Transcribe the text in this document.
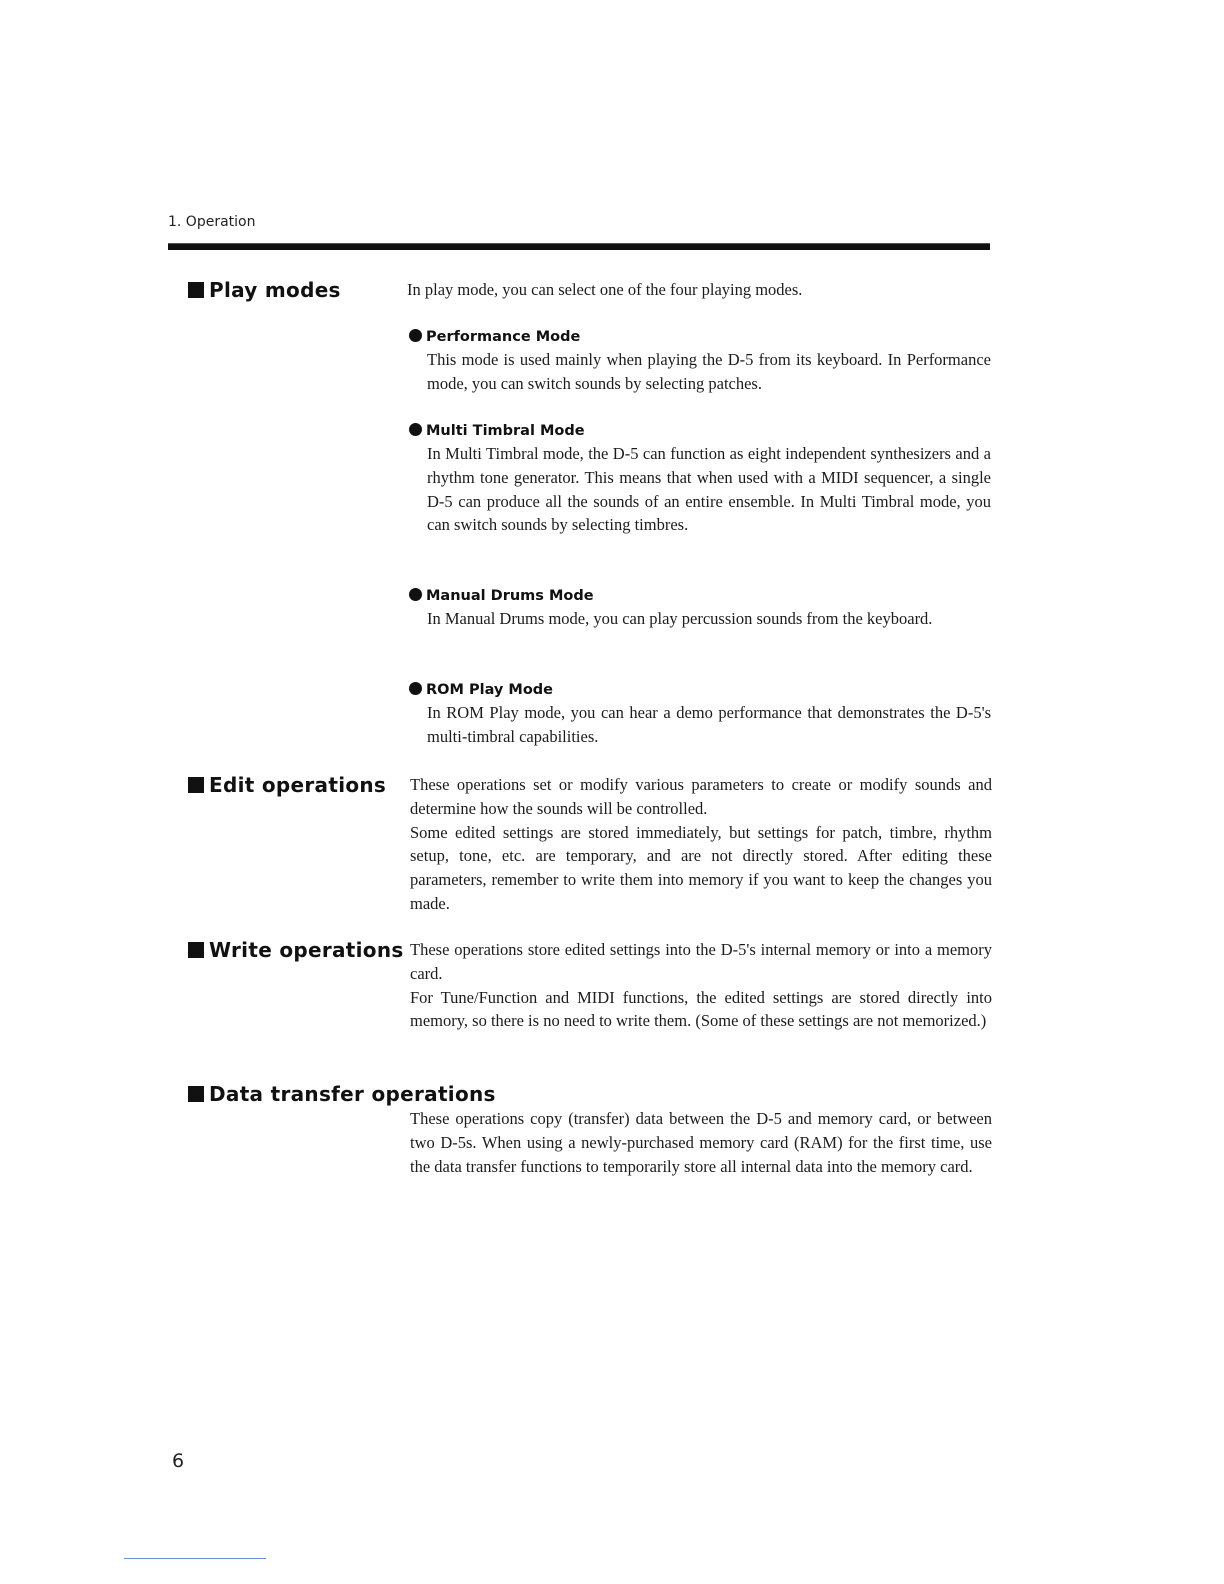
1. Operation
Play modes	In play mode, you can select one of the four playing modes.
Performance Mode
This mode is used mainly when playing the D-5 from its keyboard. In Performance mode, you can switch sounds by selecting patches.
Multi Timbral Mode
In Multi Timbral mode, the D-5 can function as eight independent synthesizers and a rhythm tone generator. This means that when used with a MIDI sequencer, a single D-5 can produce all the sounds of an entire ensemble. In Multi Timbral mode, you can switch sounds by selecting timbres.
Manual Drums Mode
In Manual Drums mode, you can play percussion sounds from the keyboard.
ROM Play Mode
In ROM Play mode, you can hear a demo performance that demonstrates the D-5's multi-timbral capabilities.
Edit operations These operations set or modify various parameters to create or modify sounds and determine how the sounds will be controlled.
Some edited settings are stored immediately, but settings for patch, timbre, rhythm setup, tone, etc. are temporary, and are not directly stored. After editing these parameters, remember to write them into memory if you want to keep the changes you made.
Write operations These operations store edited settings into the D-5's internal memory or into a memory card.
For Tune/Function and MIDI functions, the edited settings are stored directly into memory, so there is no need to write them. (Some of these settings are not memorized.)
Data transfer operations
These operations copy (transfer) data between the D-5 and memory card, or between two D-5s. When using a newly-purchased memory card (RAM) for the first time, use the data transfer functions to temporarily store all internal data into the memory card.
6
